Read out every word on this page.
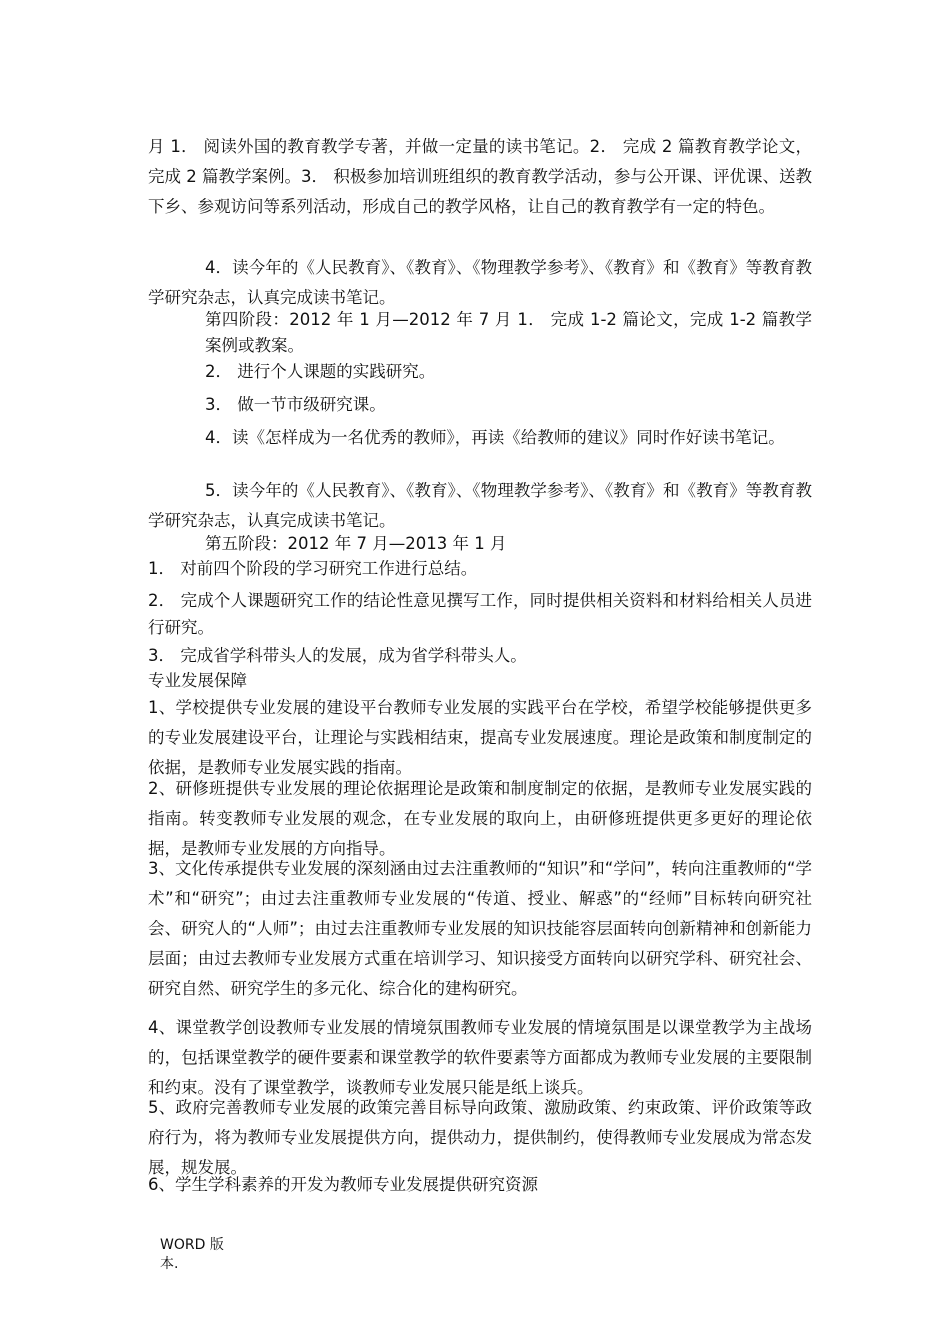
月 1． 阅读外国的教育教学专著，并做一定量的读书笔记。2． 完成 2 篇教育教学论文，完成 2 篇教学案例。3． 积极参加培训班组织的教育教学活动，参与公开课、评优课、送教下乡、参观访问等系列活动，形成自己的教学风格，让自己的教育教学有一定的特色。

4．读今年的《人民教育》、《教育》、《物理教学参考》、《教育》和《教育》等教育教学研究杂志，认真完成读书笔记。

第四阶段：2012 年 1 月—2012 年 7 月 1． 完成 1-2 篇论文，完成 1-2 篇教学案例或教案。

2． 进行个人课题的实践研究。

3． 做一节市级研究课。

4．读《怎样成为一名优秀的教师》，再读《给教师的建议》同时作好读书笔记。

5．读今年的《人民教育》、《教育》、《物理教学参考》、《教育》和《教育》等教育教学研究杂志，认真完成读书笔记。

第五阶段：2012 年 7 月—2013 年 1 月

1． 对前四个阶段的学习研究工作进行总结。

2． 完成个人课题研究工作的结论性意见撰写工作，同时提供相关资料和材料给相关人员进行研究。

3． 完成省学科带头人的发展，成为省学科带头人。

专业发展保障

1、学校提供专业发展的建设平台教师专业发展的实践平台在学校，希望学校能够提供更多的专业发展建设平台，让理论与实践相结束，提高专业发展速度。理论是政策和制度制定的依据，是教师专业发展实践的指南。

2、研修班提供专业发展的理论依据理论是政策和制度制定的依据，是教师专业发展实践的指南。转变教师专业发展的观念，在专业发展的取向上，由研修班提供更多更好的理论依据，是教师专业发展的方向指导。

3、文化传承提供专业发展的深刻涵由过去注重教师的“知识”和“学问”，转向注重教师的“学术”和“研究”；由过去注重教师专业发展的“传道、授业、解惑”的“经师”目标转向研究社会、研究人的“人师”；由过去注重教师专业发展的知识技能容层面转向创新精神和创新能力层面；由过去教师专业发展方式重在培训学习、知识接受方面转向以研究学科、研究社会、研究自然、研究学生的多元化、综合化的建构研究。

4、课堂教学创设教师专业发展的情境氛围教师专业发展的情境氛围是以课堂教学为主战场的，包括课堂教学的硬件要素和课堂教学的软件要素等方面都成为教师专业发展的主要限制和约束。没有了课堂教学，谈教师专业发展只能是纸上谈兵。

5、政府完善教师专业发展的政策完善目标导向政策、激励政策、约束政策、评价政策等政府行为，将为教师专业发展提供方向，提供动力，提供制约，使得教师专业发展成为常态发展，规发展。

6、学生学科素养的开发为教师专业发展提供研究资源

WORD 版
本.
